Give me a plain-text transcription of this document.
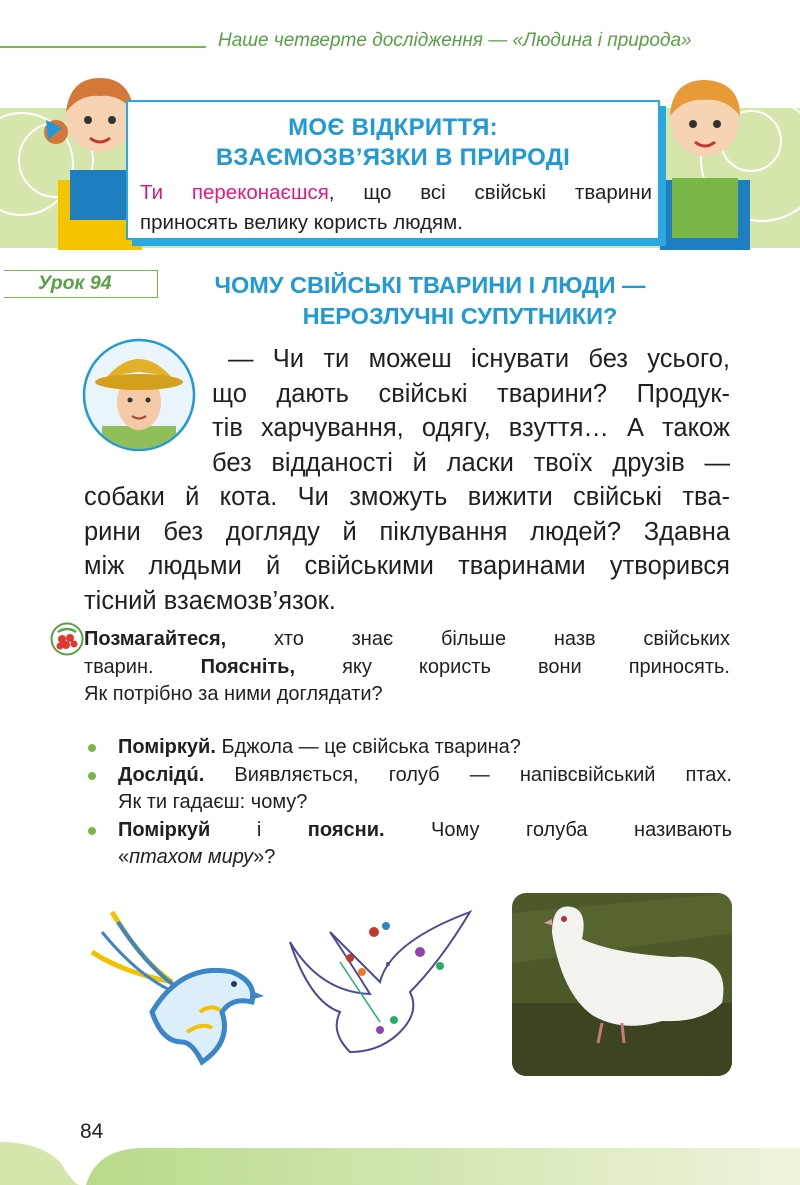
Наше четверте дослідження — «Людина і природа»
МОЄ ВІДКРИТТЯ:
ВЗАЄМОЗВ’ЯЗКИ В ПРИРОДІ
Ти переконаєшся, що всі свійські тварини
приносять велику користь людям.
Урок 94	ЧОМУ СВІЙСЬКІ ТВАРИНИ І ЛЮДИ —
НЕРОЗЛУЧНІ СУПУТНИКИ?
— Чи ти можеш існувати без усього,
що дають свійські тварини? Продук-
тів харчування, одягу, взуття… А також
без відданості й ласки твоїх друзів —
собаки й кота. Чи зможуть вижити свійські тва-
рини без догляду й піклування людей? Здавна
між людьми й свійськими тваринами утворився
тісний взаємозв’язок.
Позмагайтеся, хто знає більше назв свійських
тварин. Поясніть, яку користь вони приносять.
Як потрібно за ними доглядати?
Поміркуй. Бджола — це свійська тварина?
Дослідú. Виявляється, голуб — напівсвійський птах.
Як ти гадаєш: чому?
Поміркуй і поясни. Чому голуба називають
«птахом миру»?
84
